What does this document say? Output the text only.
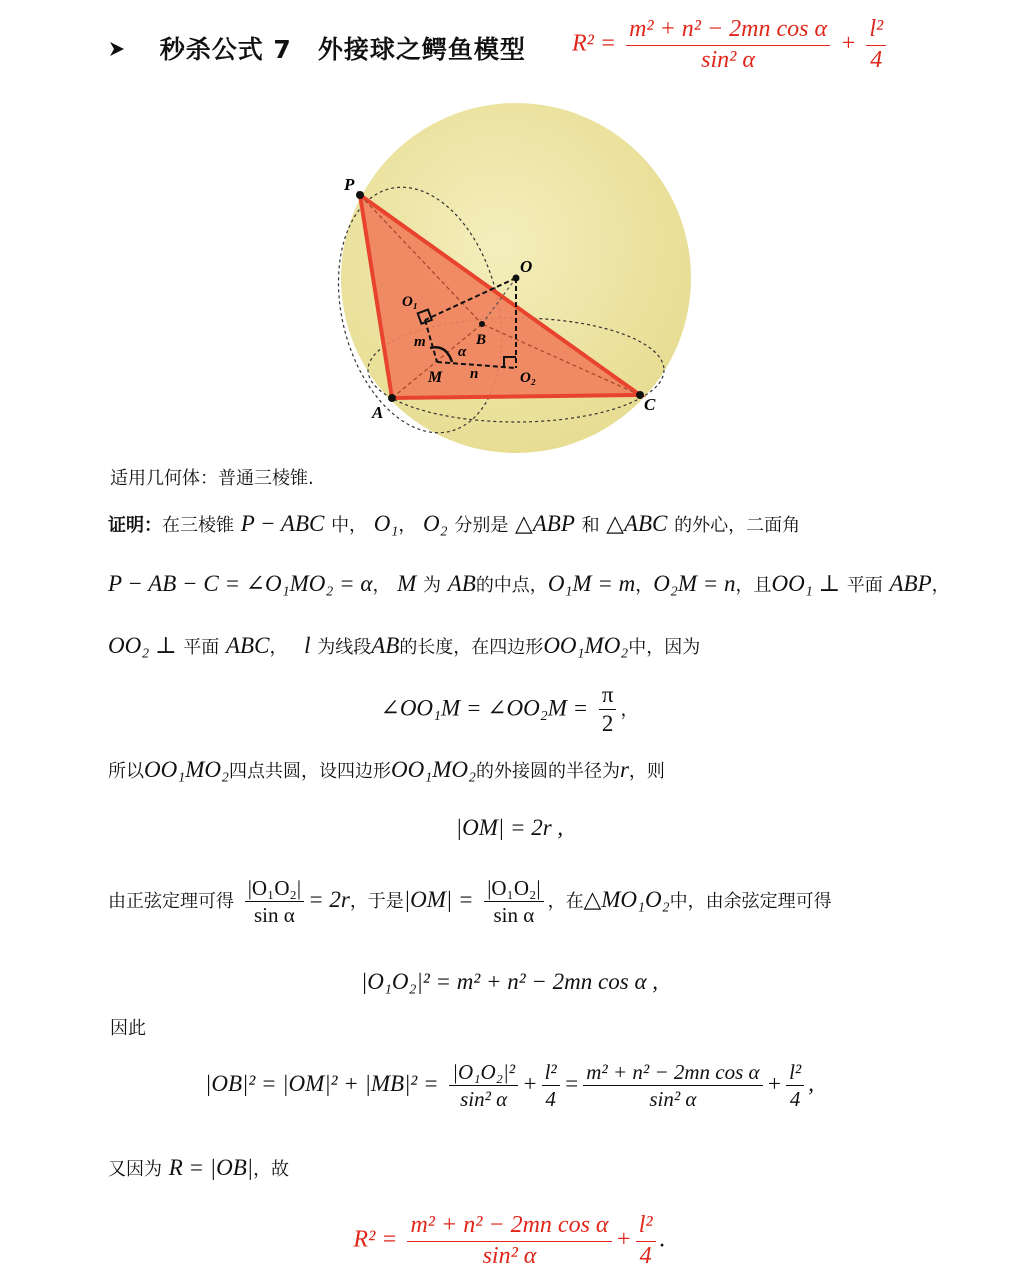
秒杀公式 7　外接球之鳄鱼模型 $R^2 = \frac{\text{m² + n² − 2mn cos α}}{\text{sin² α}} + \frac{\text{l²}}{4}$
P
A	C
O
B
O₁
O₂
M
m
n
α
适用几何体：普通三棱锥.
证明：在三棱锥 P − ABC 中， O₁， O₂ 分别是 △ABP 和 △ABC 的外心，二面角
P − AB − C = ∠O₁MO₂ = α， M 为 AB的中点，O₁M = m，O₂M = n，且OO₁ ⊥ 平面 ABP，
OO₂ ⊥ 平面 ABC， l 为线段AB的长度，在四边形OO₁MO₂中，因为
∠OO₁M = ∠OO₂M = $\frac{\pi}{2}$ ，
所以OO₁MO₂四点共圆，设四边形OO₁MO₂的外接圆的半径为r，则
|OM| = 2r ,
由正弦定理可得 $\frac{\text{|O₁O₂|}}{\text{sin α}} = 2r$，于是$|OM| = \frac{\text{|O₁O₂|}}{\text{sin α}}$ ，在△MO₁O₂中，由余弦定理可得
|O₁O₂|² = m² + n² − 2mn cos α ,
因此
$|OB|^2 = |OM|^2 + |MB|^2 = \frac{\text{|O₁O₂|²}}{\text{sin² α}} + \frac{\text{l²}}{4} = \frac{\text{m² + n² − 2mn cos α}}{\text{sin² α}} + \frac{\text{l²}}{4}$ ,
又因为 R = |OB|，故
$R^2 = \frac{\text{m² + n² − 2mn cos α}}{\text{sin² α}} + \frac{\text{l²}}{4}$ .
